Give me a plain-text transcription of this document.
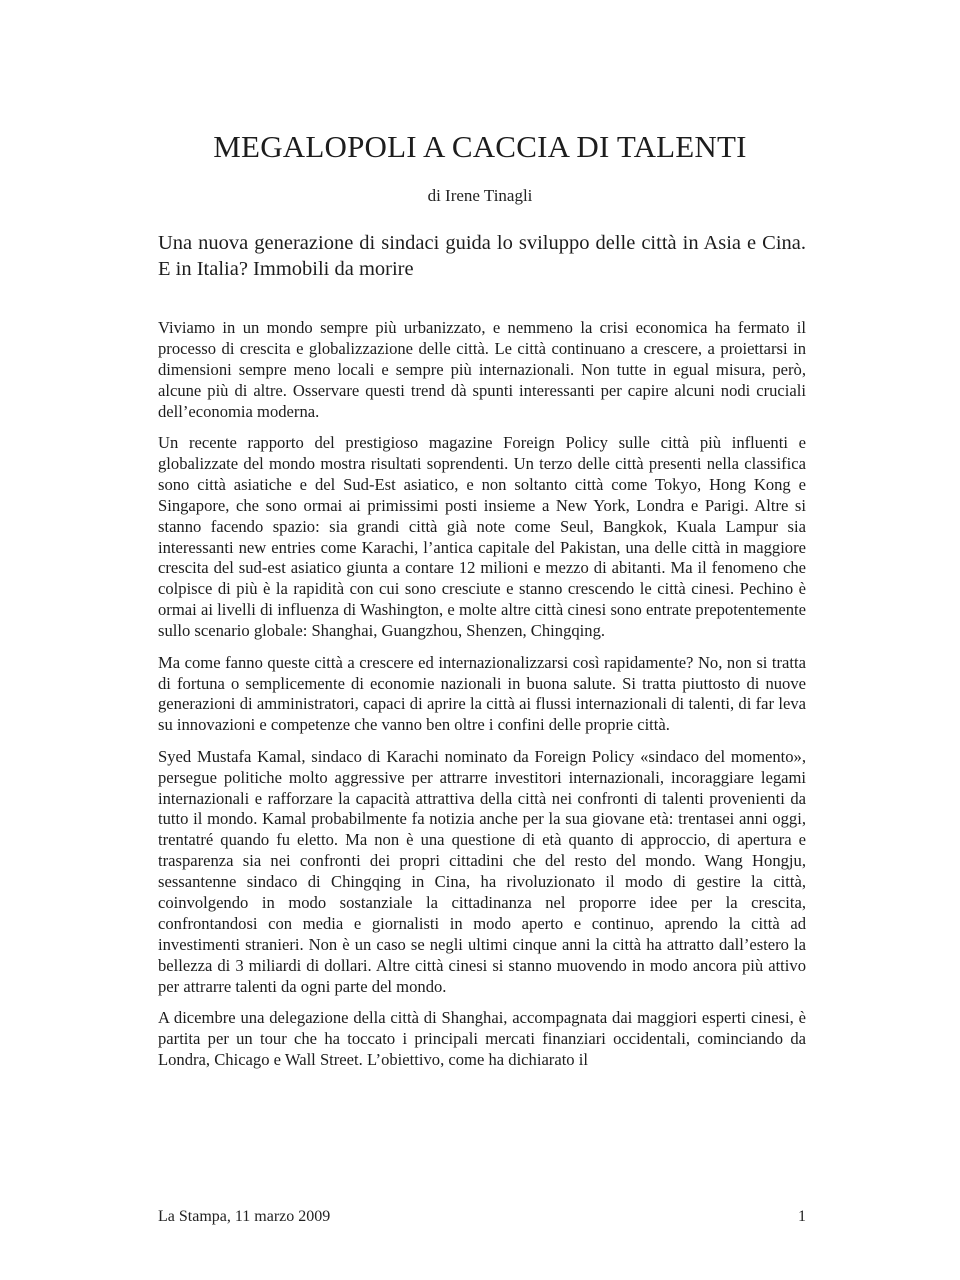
MEGALOPOLI A CACCIA DI TALENTI
di Irene Tinagli
Una nuova generazione di sindaci guida lo sviluppo delle città in Asia e Cina. E in Italia? Immobili da morire

Viviamo in un mondo sempre più urbanizzato, e nemmeno la crisi economica ha fermato il processo di crescita e globalizzazione delle città. Le città continuano a crescere, a proiettarsi in dimensioni sempre meno locali e sempre più internazionali. Non tutte in egual misura, però, alcune più di altre. Osservare questi trend dà spunti interessanti per capire alcuni nodi cruciali dell’economia moderna.

Un recente rapporto del prestigioso magazine Foreign Policy sulle città più influenti e globalizzate del mondo mostra risultati soprendenti. Un terzo delle città presenti nella classifica sono città asiatiche e del Sud-Est asiatico, e non soltanto città come Tokyo, Hong Kong e Singapore, che sono ormai ai primissimi posti insieme a New York, Londra e Parigi. Altre si stanno facendo spazio: sia grandi città già note come Seul, Bangkok, Kuala Lampur sia interessanti new entries come Karachi, l’antica capitale del Pakistan, una delle città in maggiore crescita del sud-est asiatico giunta a contare 12 milioni e mezzo di abitanti. Ma il fenomeno che colpisce di più è la rapidità con cui sono cresciute e stanno crescendo le città cinesi. Pechino è ormai ai livelli di influenza di Washington, e molte altre città cinesi sono entrate prepotentemente sullo scenario globale: Shanghai, Guangzhou, Shenzen, Chingqing.

Ma come fanno queste città a crescere ed internazionalizzarsi così rapidamente? No, non si tratta di fortuna o semplicemente di economie nazionali in buona salute. Si tratta piuttosto di nuove generazioni di amministratori, capaci di aprire la città ai flussi internazionali di talenti, di far leva su innovazioni e competenze che vanno ben oltre i confini delle proprie città.

Syed Mustafa Kamal, sindaco di Karachi nominato da Foreign Policy «sindaco del momento», persegue politiche molto aggressive per attrarre investitori internazionali, incoraggiare legami internazionali e rafforzare la capacità attrattiva della città nei confronti di talenti provenienti da tutto il mondo. Kamal probabilmente fa notizia anche per la sua giovane età: trentasei anni oggi, trentatré quando fu eletto. Ma non è una questione di età quanto di approccio, di apertura e trasparenza sia nei confronti dei propri cittadini che del resto del mondo. Wang Hongju, sessantenne sindaco di Chingqing in Cina, ha rivoluzionato il modo di gestire la città, coinvolgendo in modo sostanziale la cittadinanza nel proporre idee per la crescita, confrontandosi con media e giornalisti in modo aperto e continuo, aprendo la città ad investimenti stranieri. Non è un caso se negli ultimi cinque anni la città ha attratto dall’estero la bellezza di 3 miliardi di dollari. Altre città cinesi si stanno muovendo in modo ancora più attivo per attrarre talenti da ogni parte del mondo.

A dicembre una delegazione della città di Shanghai, accompagnata dai maggiori esperti cinesi, è partita per un tour che ha toccato i principali mercati finanziari occidentali, cominciando da Londra, Chicago e Wall Street. L’obiettivo, come ha dichiarato il

La Stampa, 11 marzo 2009	1
